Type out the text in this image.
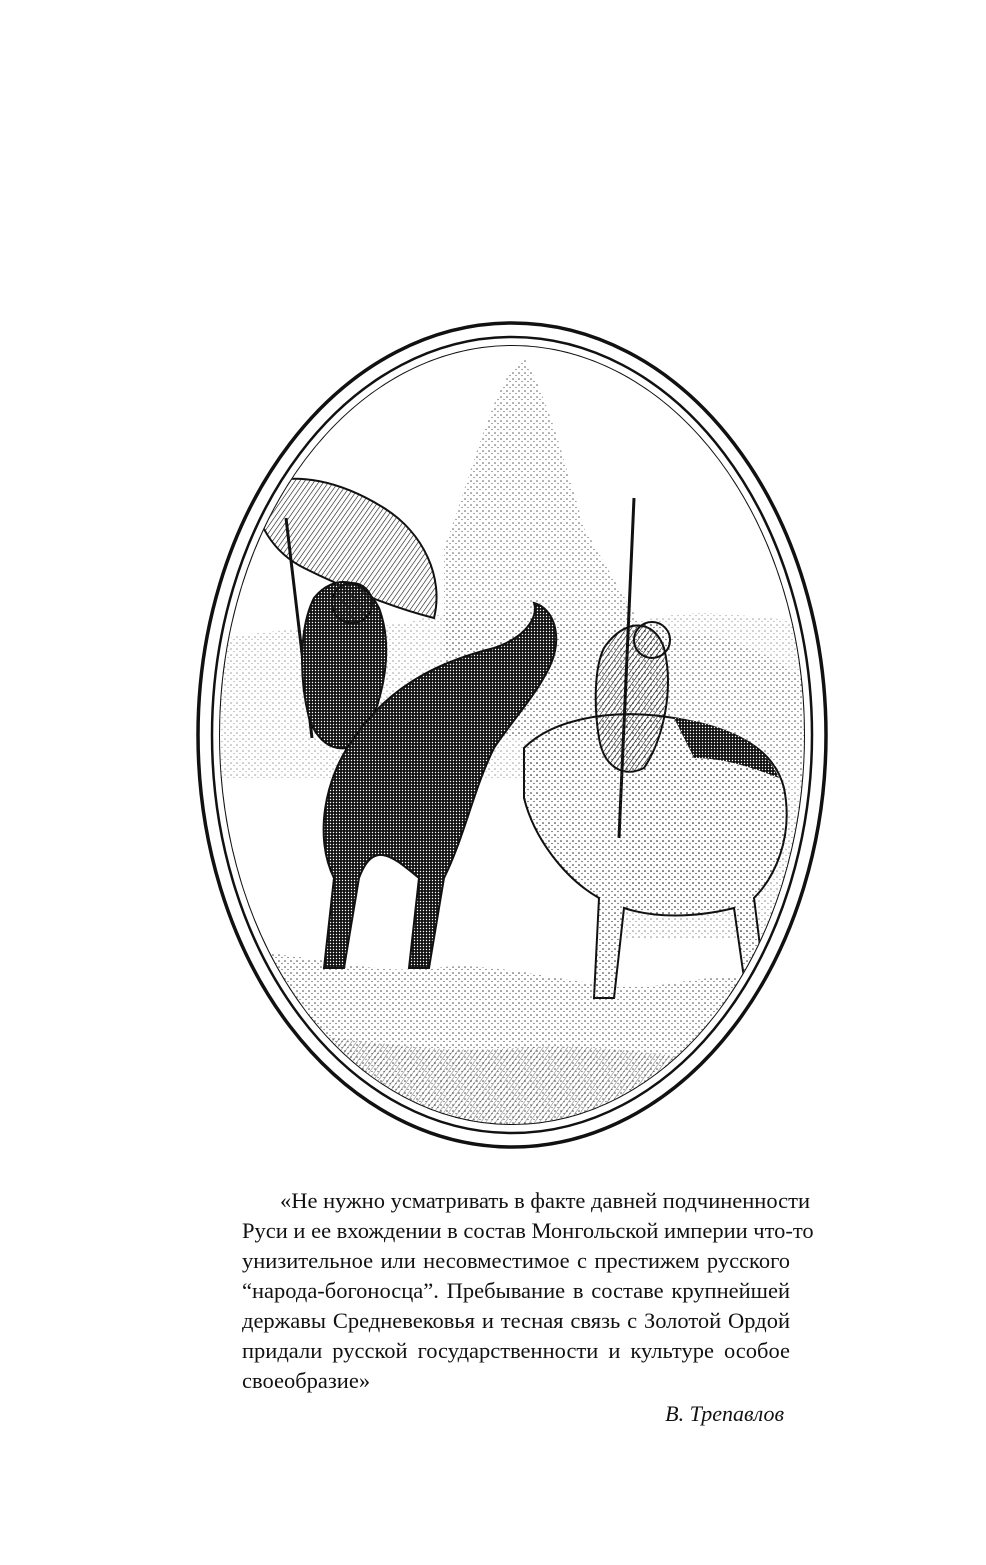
«Не нужно усматривать в факте давней подчиненности
Руси и ее вхождении в состав Монгольской империи что-то
унизительное или несовместимое с престижем русского
“народа-богоносца”. Пребывание в составе крупнейшей
державы Средневековья и тесная связь с Золотой Ордой
придали русской государственности и культуре особое
своеобразие»
В. Трепавлов
